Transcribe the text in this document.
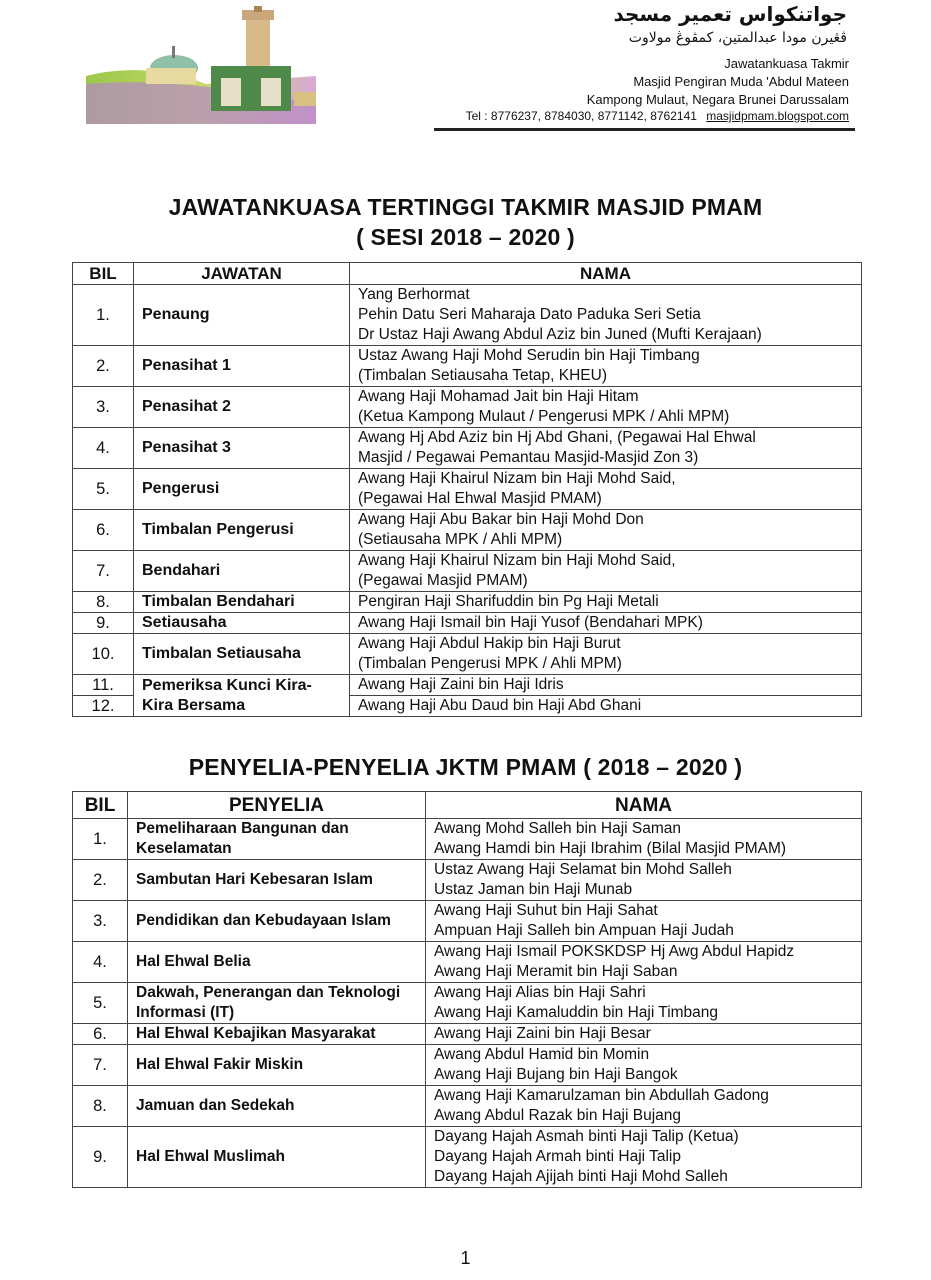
جواتنکواس تعمير مسجد
ڤڠيرن مودا عبدالمتين، كمڤوڠ مولاوت
Jawatankuasa Takmir
Masjid Pengiran Muda 'Abdul Mateen
Kampong Mulaut, Negara Brunei Darussalam
Tel : 8776237, 8784030, 8771142, 8762141 masjidpmam.blogspot.com
JAWATANKUASA TERTINGGI TAKMIR MASJID PMAM
( SESI 2018 – 2020 )
BIL	JAWATAN	NAMA
1.	Penaung	Yang Berhormat
Pehin Datu Seri Maharaja Dato Paduka Seri Setia
Dr Ustaz Haji Awang Abdul Aziz bin Juned (Mufti Kerajaan)

2.	Penasihat 1	Ustaz Awang Haji Mohd Serudin bin Haji Timbang
(Timbalan Setiausaha Tetap, KHEU)

3.	Penasihat 2	Awang Haji Mohamad Jait bin Haji Hitam
(Ketua Kampong Mulaut / Pengerusi MPK / Ahli MPM)

4.	Penasihat 3	Awang Hj Abd Aziz bin Hj Abd Ghani, (Pegawai Hal Ehwal
Masjid / Pegawai Pemantau Masjid-Masjid Zon 3)

5.	Pengerusi	Awang Haji Khairul Nizam bin Haji Mohd Said,
(Pegawai Hal Ehwal Masjid PMAM)

6.	Timbalan Pengerusi	Awang Haji Abu Bakar bin Haji Mohd Don
(Setiausaha MPK / Ahli MPM)

7.	Bendahari	Awang Haji Khairul Nizam bin Haji Mohd Said,
(Pegawai Masjid PMAM)

8.	Timbalan Bendahari	Pengiran Haji Sharifuddin bin Pg Haji Metali

9.	Setiausaha	Awang Haji Ismail bin Haji Yusof (Bendahari MPK)

10.	Timbalan Setiausaha	Awang Haji Abdul Hakip bin Haji Burut
(Timbalan Pengerusi MPK / Ahli MPM)

11.	Pemeriksa Kunci Kira-Kira Bersama	Awang Haji Zaini bin Haji Idris

12.		Awang Haji Abu Daud bin Haji Abd Ghani
PENYELIA-PENYELIA JKTM PMAM ( 2018 – 2020 )
BIL	PENYELIA	NAMA
1.	Pemeliharaan Bangunan dan Keselamatan	Awang Mohd Salleh bin Haji Saman
Awang Hamdi bin Haji Ibrahim (Bilal Masjid PMAM)

2.	Sambutan Hari Kebesaran Islam	Ustaz Awang Haji Selamat bin Mohd Salleh
Ustaz Jaman bin Haji Munab

3.	Pendidikan dan Kebudayaan Islam	Awang Haji Suhut bin Haji Sahat
Ampuan Haji Salleh bin Ampuan Haji Judah

4.	Hal Ehwal Belia	Awang Haji Ismail POKSKDSP Hj Awg Abdul Hapidz
Awang Haji Meramit bin Haji Saban

5.	Dakwah, Penerangan dan Teknologi Informasi (IT)	Awang Haji Alias bin Haji Sahri
Awang Haji Kamaluddin bin Haji Timbang

6.	Hal Ehwal Kebajikan Masyarakat	Awang Haji Zaini bin Haji Besar

7.	Hal Ehwal Fakir Miskin	Awang Abdul Hamid bin Momin
Awang Haji Bujang bin Haji Bangok

8.	Jamuan dan Sedekah	Awang Haji Kamarulzaman bin Abdullah Gadong
Awang Abdul Razak bin Haji Bujang

9.	Hal Ehwal Muslimah	Dayang Hajah Asmah binti Haji Talip (Ketua)
Dayang Hajah Armah binti Haji Talip
Dayang Hajah Ajijah binti Haji Mohd Salleh
1
